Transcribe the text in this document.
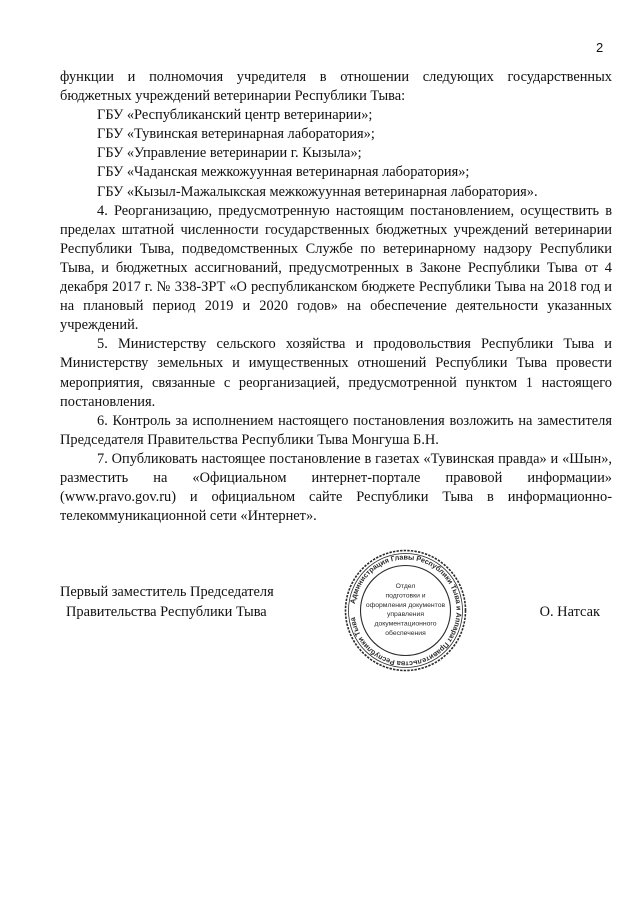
2

функции и полномочия учредителя в отношении следующих государственных бюджетных учреждений ветеринарии Республики Тыва:

ГБУ «Республиканский центр ветеринарии»;

ГБУ «Тувинская ветеринарная лаборатория»;

ГБУ «Управление ветеринарии г. Кызыла»;

ГБУ «Чаданская межкожуунная ветеринарная лаборатория»;

ГБУ «Кызыл-Мажалыкская межкожуунная ветеринарная лаборатория».

4. Реорганизацию, предусмотренную настоящим постановлением, осуществить в пределах штатной численности государственных бюджетных учреждений ветеринарии Республики Тыва, подведомственных Службе по ветеринарному надзору Республики Тыва, и бюджетных ассигнований, предусмотренных в Законе Республики Тыва от 4 декабря 2017 г. № 338-ЗРТ «О республиканском бюджете Республики Тыва на 2018 год и на плановый период 2019 и 2020 годов» на обеспечение деятельности указанных учреждений.

5. Министерству сельского хозяйства и продовольствия Республики Тыва и Министерству земельных и имущественных отношений Республики Тыва провести мероприятия, связанные с реорганизацией, предусмотренной пунктом 1 настоящего постановления.

6. Контроль за исполнением настоящего постановления возложить на заместителя Председателя Правительства Республики Тыва Монгуша Б.Н.

7. Опубликовать настоящее постановление в газетах «Тувинская правда» и «Шын», разместить на «Официальном интернет-портале правовой информации» (www.pravo.gov.ru) и официальном сайте Республики Тыва в информационно-телекоммуникационной сети «Интернет».

Администрация Главы Республики Тыва и Аппарат Правительства Республики Тыва
Отдел
подготовки и
оформления документов
управления
документационного
обеспечения

Первый заместитель Председателя
Правительства Республики Тыва	О. Натсак
